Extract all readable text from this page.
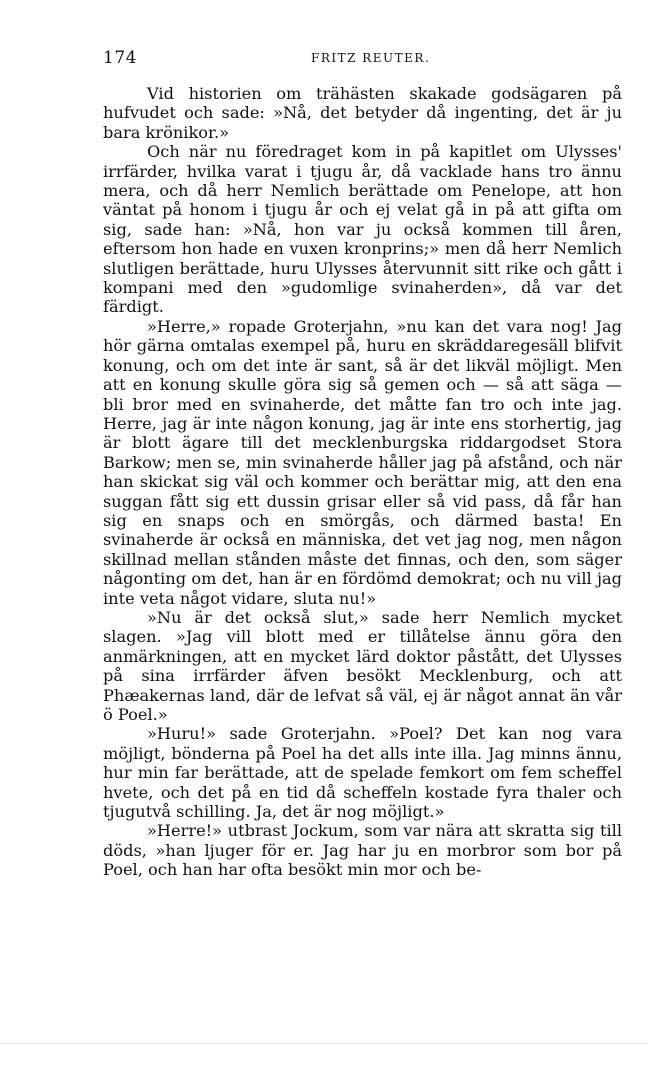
174	FRITZ REUTER.

Vid historien om trähästen skakade godsägaren på hufvudet och sade: »Nå, det betyder då ingenting, det är ju bara krönikor.»

Och när nu föredraget kom in på kapitlet om Ulysses' irrfärder, hvilka varat i tjugu år, då vacklade hans tro ännu mera, och då herr Nemlich berättade om Penelope, att hon väntat på honom i tjugu år och ej velat gå in på att gifta om sig, sade han: »Nå, hon var ju också kommen till åren, eftersom hon hade en vuxen kronprins;» men då herr Nemlich slutligen berättade, huru Ulysses återvunnit sitt rike och gått i kompani med den »gudomlige svinaherden», då var det färdigt.

»Herre,» ropade Groterjahn, »nu kan det vara nog! Jag hör gärna omtalas exempel på, huru en skräddaregesäll blifvit konung, och om det inte är sant, så är det likväl möjligt. Men att en konung skulle göra sig så gemen och — så att säga — bli bror med en svinaherde, det måtte fan tro och inte jag. Herre, jag är inte någon konung, jag är inte ens storhertig, jag är blott ägare till det mecklenburgska riddargodset Stora Barkow; men se, min svinaherde håller jag på afstånd, och när han skickat sig väl och kommer och berättar mig, att den ena suggan fått sig ett dussin grisar eller så vid pass, då får han sig en snaps och en smörgås, och därmed basta! En svinaherde är också en människa, det vet jag nog, men någon skillnad mellan stånden måste det finnas, och den, som säger någonting om det, han är en fördömd demokrat; och nu vill jag inte veta något vidare, sluta nu!»

»Nu är det också slut,» sade herr Nemlich mycket slagen. »Jag vill blott med er tillåtelse ännu göra den anmärkningen, att en mycket lärd doktor påstått, det Ulysses på sina irrfärder äfven besökt Mecklenburg, och att Phæakernas land, där de lefvat så väl, ej är något annat än vår ö Poel.»

»Huru!» sade Groterjahn. »Poel? Det kan nog vara möjligt, bönderna på Poel ha det alls inte illa. Jag minns ännu, hur min far berättade, att de spelade femkort om fem scheffel hvete, och det på en tid då scheffeln kostade fyra thaler och tjugutvå schilling. Ja, det är nog möjligt.»

»Herre!» utbrast Jockum, som var nära att skratta sig till döds, »han ljuger för er. Jag har ju en morbror som bor på Poel, och han har ofta besökt min mor och be-
